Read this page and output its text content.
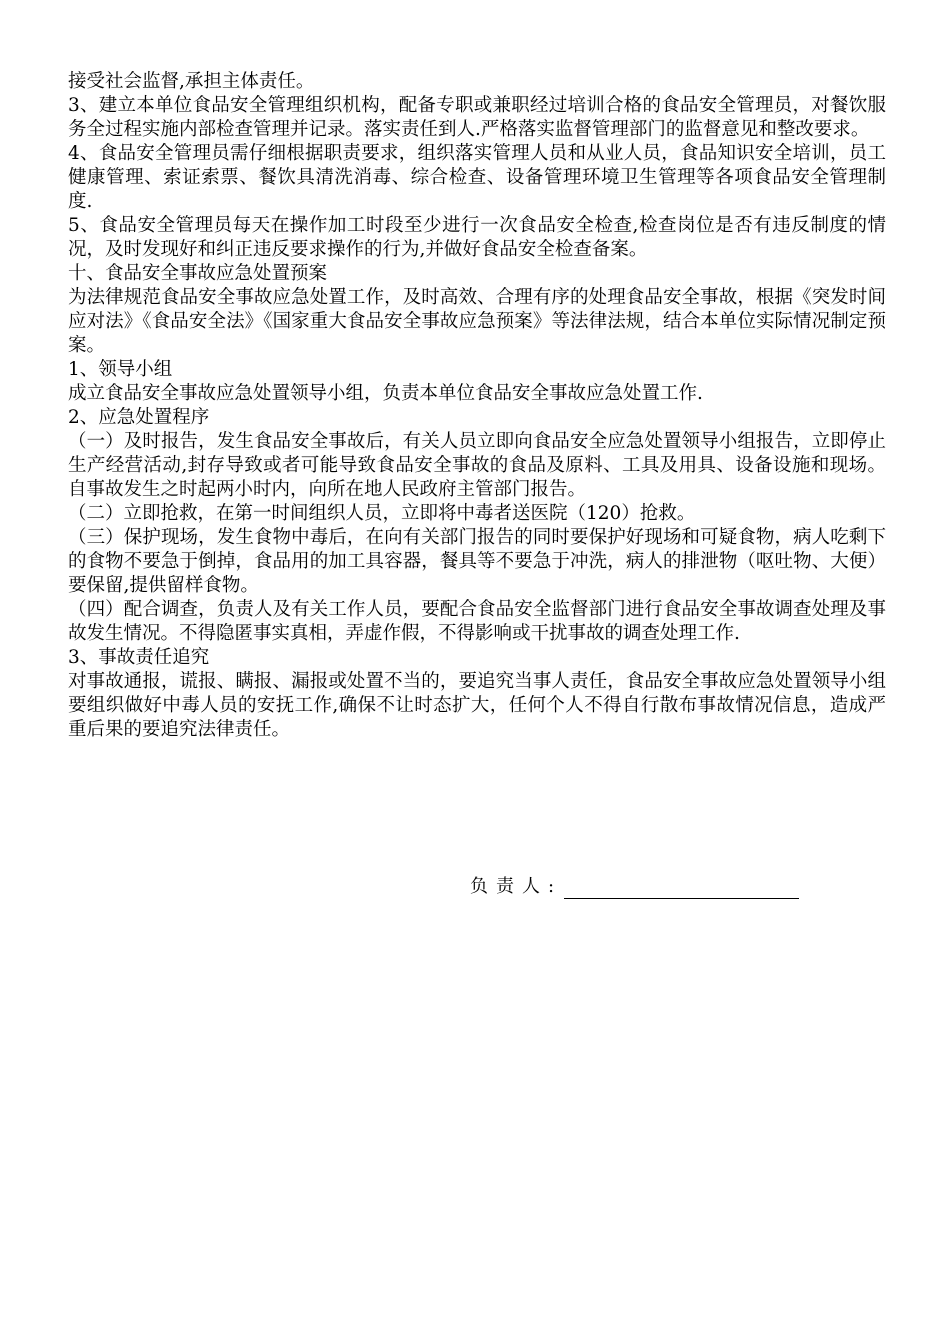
接受社会监督,承担主体责任。

3、建立本单位食品安全管理组织机构，配备专职或兼职经过培训合格的食品安全管理员，对餐饮服务全过程实施内部检查管理并记录。落实责任到人.严格落实监督管理部门的监督意见和整改要求。

4、食品安全管理员需仔细根据职责要求，组织落实管理人员和从业人员，食品知识安全培训，员工健康管理、索证索票、餐饮具清洗消毒、综合检查、设备管理环境卫生管理等各项食品安全管理制度.

5、食品安全管理员每天在操作加工时段至少进行一次食品安全检查,检查岗位是否有违反制度的情况，及时发现好和纠正违反要求操作的行为,并做好食品安全检查备案。

十、食品安全事故应急处置预案

为法律规范食品安全事故应急处置工作，及时高效、合理有序的处理食品安全事故，根据《突发时间应对法》《食品安全法》《国家重大食品安全事故应急预案》等法律法规，结合本单位实际情况制定预案。

1、领导小组

成立食品安全事故应急处置领导小组，负责本单位食品安全事故应急处置工作.

2、应急处置程序

（一）及时报告，发生食品安全事故后，有关人员立即向食品安全应急处置领导小组报告，立即停止生产经营活动,封存导致或者可能导致食品安全事故的食品及原料、工具及用具、设备设施和现场。自事故发生之时起两小时内，向所在地人民政府主管部门报告。

（二）立即抢救，在第一时间组织人员，立即将中毒者送医院（120）抢救。

（三）保护现场，发生食物中毒后，在向有关部门报告的同时要保护好现场和可疑食物，病人吃剩下的食物不要急于倒掉，食品用的加工具容器，餐具等不要急于冲洗，病人的排泄物（呕吐物、大便）要保留,提供留样食物。

（四）配合调查，负责人及有关工作人员，要配合食品安全监督部门进行食品安全事故调查处理及事故发生情况。不得隐匿事实真相，弄虚作假，不得影响或干扰事故的调查处理工作.

3、事故责任追究

对事故通报，谎报、瞒报、漏报或处置不当的，要追究当事人责任，食品安全事故应急处置领导小组要组织做好中毒人员的安抚工作,确保不让时态扩大，任何个人不得自行散布事故情况信息，造成严重后果的要追究法律责任。

负责人:
